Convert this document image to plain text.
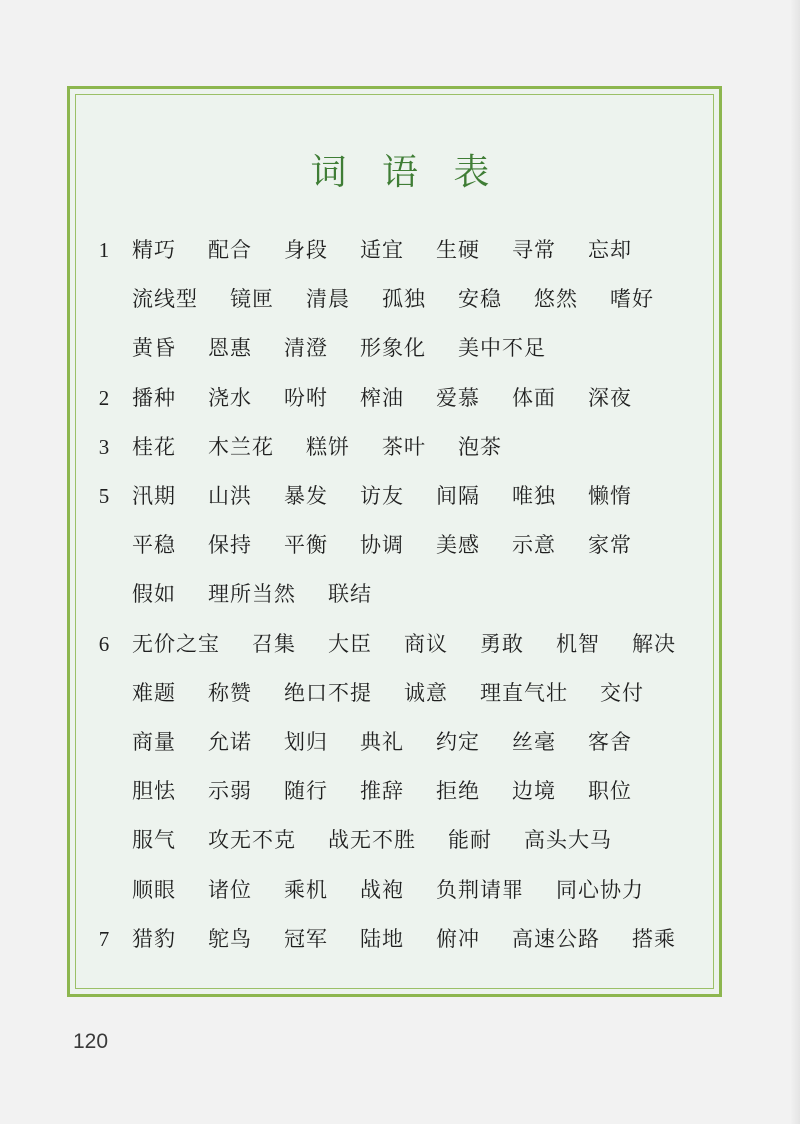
词 语 表
1 精巧 配合 身段 适宜 生硬 寻常 忘却
流线型 镜匣 清晨 孤独 安稳 悠然 嗜好
黄昏 恩惠 清澄 形象化 美中不足
2 播种 浇水 吩咐 榨油 爱慕 体面 深夜
3 桂花 木兰花 糕饼 茶叶 泡茶
5 汛期 山洪 暴发 访友 间隔 唯独 懒惰
平稳 保持 平衡 协调 美感 示意 家常
假如 理所当然 联结
6 无价之宝 召集 大臣 商议 勇敢 机智 解决
难题 称赞 绝口不提 诚意 理直气壮 交付
商量 允诺 划归 典礼 约定 丝毫 客舍
胆怯 示弱 随行 推辞 拒绝 边境 职位
服气 攻无不克 战无不胜 能耐 高头大马
顺眼 诸位 乘机 战袍 负荆请罪 同心协力
7 猎豹 鸵鸟 冠军 陆地 俯冲 高速公路 搭乘
120
